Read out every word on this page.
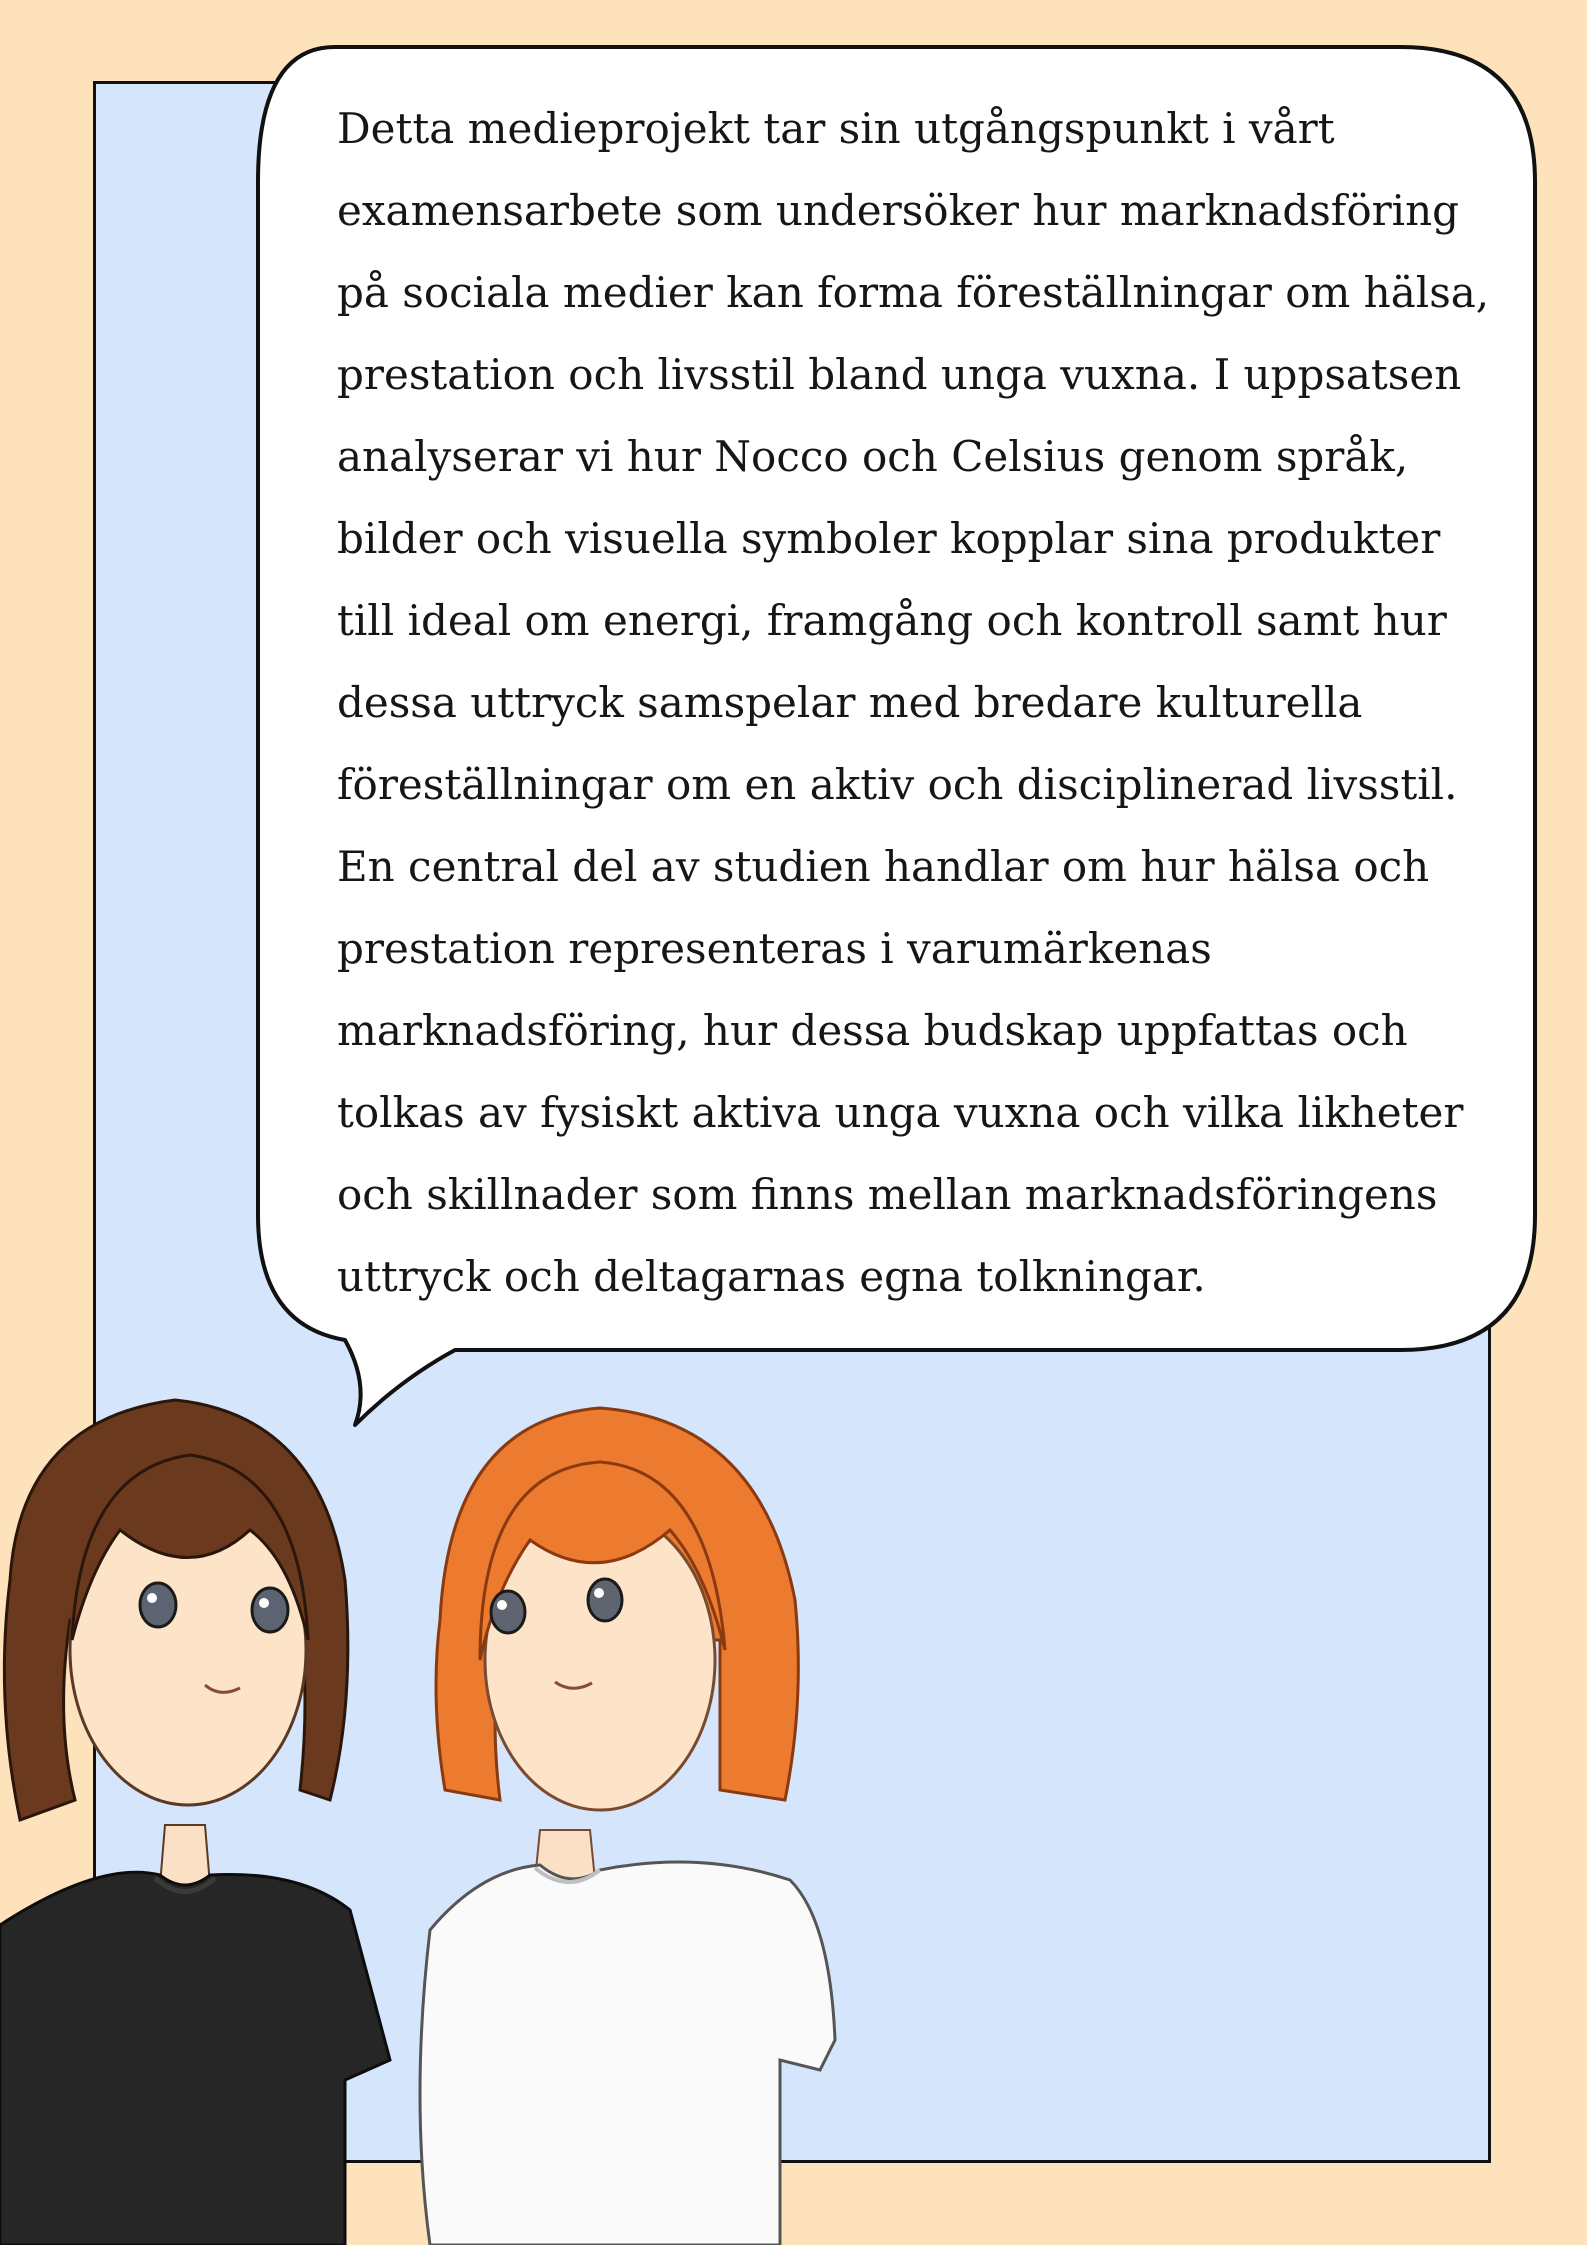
Detta medieprojekt tar sin utgångspunkt i vårt
examensarbete som undersöker hur marknadsföring
på sociala medier kan forma föreställningar om hälsa,
prestation och livsstil bland unga vuxna. I uppsatsen
analyserar vi hur Nocco och Celsius genom språk,
bilder och visuella symboler kopplar sina produkter
till ideal om energi, framgång och kontroll samt hur
dessa uttryck samspelar med bredare kulturella
föreställningar om en aktiv och disciplinerad livsstil.
En central del av studien handlar om hur hälsa och
prestation representeras i varumärkenas
marknadsföring, hur dessa budskap uppfattas och
tolkas av fysiskt aktiva unga vuxna och vilka likheter
och skillnader som finns mellan marknadsföringens
uttryck och deltagarnas egna tolkningar.
